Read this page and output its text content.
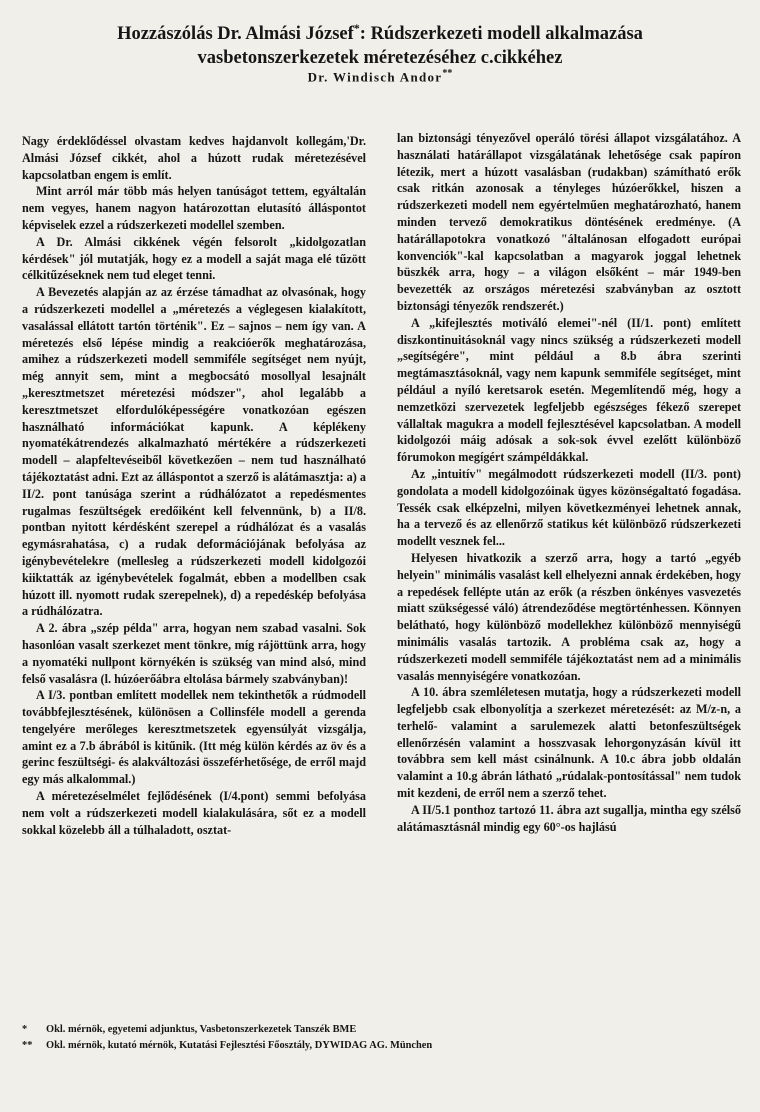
Hozzászólás Dr. Almási József*: Rúdszerkezeti modell alkalmazása
vasbetonszerkezetek méretezéséhez c.cikkéhez
Dr. Windisch Andor**

Nagy érdeklődéssel olvastam kedves hajdanvolt kollegám,'Dr. Almási József cikkét, ahol a húzott rudak méretezésével kapcsolatban engem is említ.

Mint arról már több más helyen tanúságot tettem, egyáltalán nem vegyes, hanem nagyon határozottan elutasító álláspontot képviselek ezzel a rúdszerkezeti modellel szemben.

A Dr. Almási cikkének végén felsorolt „kidolgozatlan kérdések" jól mutatják, hogy ez a modell a saját maga elé tűzött célkitűzéseknek nem tud eleget tenni.

A Bevezetés alapján az az érzése támadhat az olvasónak, hogy a rúdszerkezeti modellel a „méretezés a véglegesen kialakított, vasalással ellátott tartón történik". Ez – sajnos – nem így van. A méretezés első lépése mindig a reakcióerők meghatározása, amihez a rúdszerkezeti modell semmiféle segítséget nem nyújt, még annyit sem, mint a megbocsátó mosollyal lesajnált „keresztmetszet méretezési módszer", ahol legalább a keresztmetszet elfordulóképességére vonatkozóan egészen használható információkat kapunk. A képlékeny nyomatékátrendezés alkalmazható mértékére a rúdszerkezeti modell – alapfeltevéseiből következően – nem tud használható tájékoztatást adni. Ezt az álláspontot a szerző is alátámasztja: a) a II/2. pont tanúsága szerint a rúdhálózatot a repedésmentes rugalmas feszültségek eredőiként kell felvennünk, b) a II/8. pontban nyitott kérdésként szerepel a rúdhálózat és a vasalás egymásrahatása, c) a rudak deformációjának befolyása az igénybevételekre (mellesleg a rúdszerkezeti modell kidolgozói kiiktatták az igénybevételek fogalmát, ebben a modellben csak húzott ill. nyomott rudak szerepelnek), d) a repedéskép befolyása a rúdhálózatra.

A 2. ábra „szép példa" arra, hogyan nem szabad vasalni. Sok hasonlóan vasalt szerkezet ment tönkre, míg rájöttünk arra, hogy a nyomatéki nullpont környékén is szükség van mind alsó, mind felső vasalásra (l. húzóerőábra eltolása bármely szabványban)!

A I/3. pontban említett modellek nem tekinthetők a rúdmodell továbbfejlesztésének, különösen a Collinsféle modell a gerenda tengelyére merőleges keresztmetszetek egyensúlyát vizsgálja, amint ez a 7.b ábrából is kitűnik. (Itt még külön kérdés az öv és a gerinc feszültségi- és alakváltozási összeférhetősége, de erről majd egy más alkalommal.)

A méretezéselmélet fejlődésének (I/4.pont) semmi befolyása nem volt a rúdszerkezeti modell kialakulására, sőt ez a modell sokkal közelebb áll a túlhaladott, osztat-

lan biztonsági tényezővel operáló törési állapot vizsgálatához. A használati határállapot vizsgálatának lehetősége csak papíron létezik, mert a húzott vasalásban (rudakban) számítható erők csak ritkán azonosak a tényleges húzóerőkkel, hiszen a rúdszerkezeti modell nem egyértelműen meghatározható, hanem minden tervező demokratikus döntésének eredménye. (A határállapotokra vonatkozó "általánosan elfogadott európai konvenciók"-kal kapcsolatban a magyarok joggal lehetnek büszkék arra, hogy – a világon elsőként – már 1949-ben bevezették az országos méretezési szabványban az osztott biztonsági tényezők rendszerét.)

A „kifejlesztés motiváló elemei"-nél (II/1. pont) említett diszkontinuitásoknál vagy nincs szükség a rúdszerkezeti modell „segítségére", mint például a 8.b ábra szerinti megtámasztásoknál, vagy nem kapunk semmiféle segítséget, mint például a nyíló keretsarok esetén. Megemlítendő még, hogy a nemzetközi szervezetek legfeljebb egészséges fékező szerepet vállaltak magukra a modell fejlesztésével kapcsolatban. A modell kidolgozói máig adósak a sok-sok évvel ezelőtt különböző fórumokon megígért számpéldákkal.

Az „intuitív" megálmodott rúdszerkezeti modell (II/3. pont) gondolata a modell kidolgozóinak ügyes közönségaltató fogadása. Tessék csak elképzelni, milyen következményei lehetnek annak, ha a tervező és az ellenőrző statikus két különböző rúdszerkezeti modellt vesznek fel...

Helyesen hivatkozik a szerző arra, hogy a tartó „egyéb helyein" minimális vasalást kell elhelyezni annak érdekében, hogy a repedések fellépte után az erők (a részben önkényes vasvezetés miatt szükségessé váló) átrendeződése megtörténhessen. Könnyen belátható, hogy különböző modellekhez különböző mennyiségű minimális vasalás tartozik. A probléma csak az, hogy a rúdszerkezeti modell semmiféle tájékoztatást nem ad a minimális vasalás mennyiségére vonatkozóan.

A 10. ábra szemléletesen mutatja, hogy a rúdszerkezeti modell legfeljebb csak elbonyolítja a szerkezet méretezését: az M/z-n, a terhelő- valamint a sarulemezek alatti betonfeszültségek ellenőrzésén valamint a hosszvasak lehorgonyzásán kívül itt továbbra sem kell mást csinálnunk. A 10.c ábra jobb oldalán valamint a 10.g ábrán látható „rúdalak-pontosítással" nem tudok mit kezdeni, de erről nem a szerző tehet.

A II/5.1 ponthoz tartozó 11. ábra azt sugallja, mintha egy szélső alátámasztásnál mindig egy 60°-os hajlású

*	Okl. mérnök, egyetemi adjunktus, Vasbetonszerkezetek Tanszék BME
**	Okl. mérnök, kutató mérnök, Kutatási Fejlesztési Főosztály, DYWIDAG AG. München
